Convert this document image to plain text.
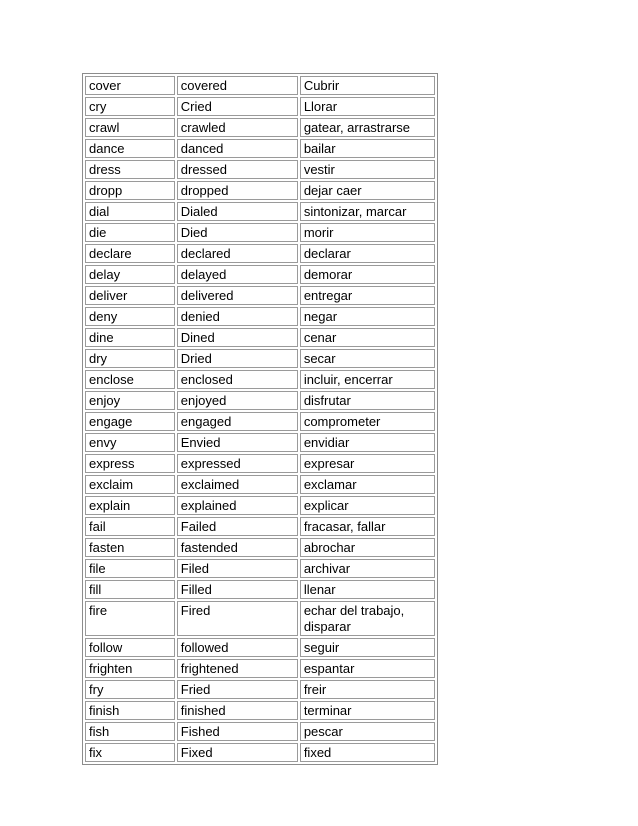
cover	covered	Cubrir
cry	Cried	Llorar
crawl	crawled	gatear, arrastrarse
dance	danced	bailar
dress	dressed	vestir
dropp	dropped	dejar caer
dial	Dialed	sintonizar, marcar
die	Died	morir
declare	declared	declarar
delay	delayed	demorar
deliver	delivered	entregar
deny	denied	negar
dine	Dined	cenar
dry	Dried	secar
enclose	enclosed	incluir, encerrar
enjoy	enjoyed	disfrutar
engage	engaged	comprometer
envy	Envied	envidiar
express	expressed	expresar
exclaim	exclaimed	exclamar
explain	explained	explicar
fail	Failed	fracasar, fallar
fasten	fastended	abrochar
file	Filed	archivar
fill	Filled	llenar
fire	Fired	echar del trabajo, disparar
follow	followed	seguir
frighten	frightened	espantar
fry	Fried	freir
finish	finished	terminar
fish	Fished	pescar
fix	Fixed	fixed
